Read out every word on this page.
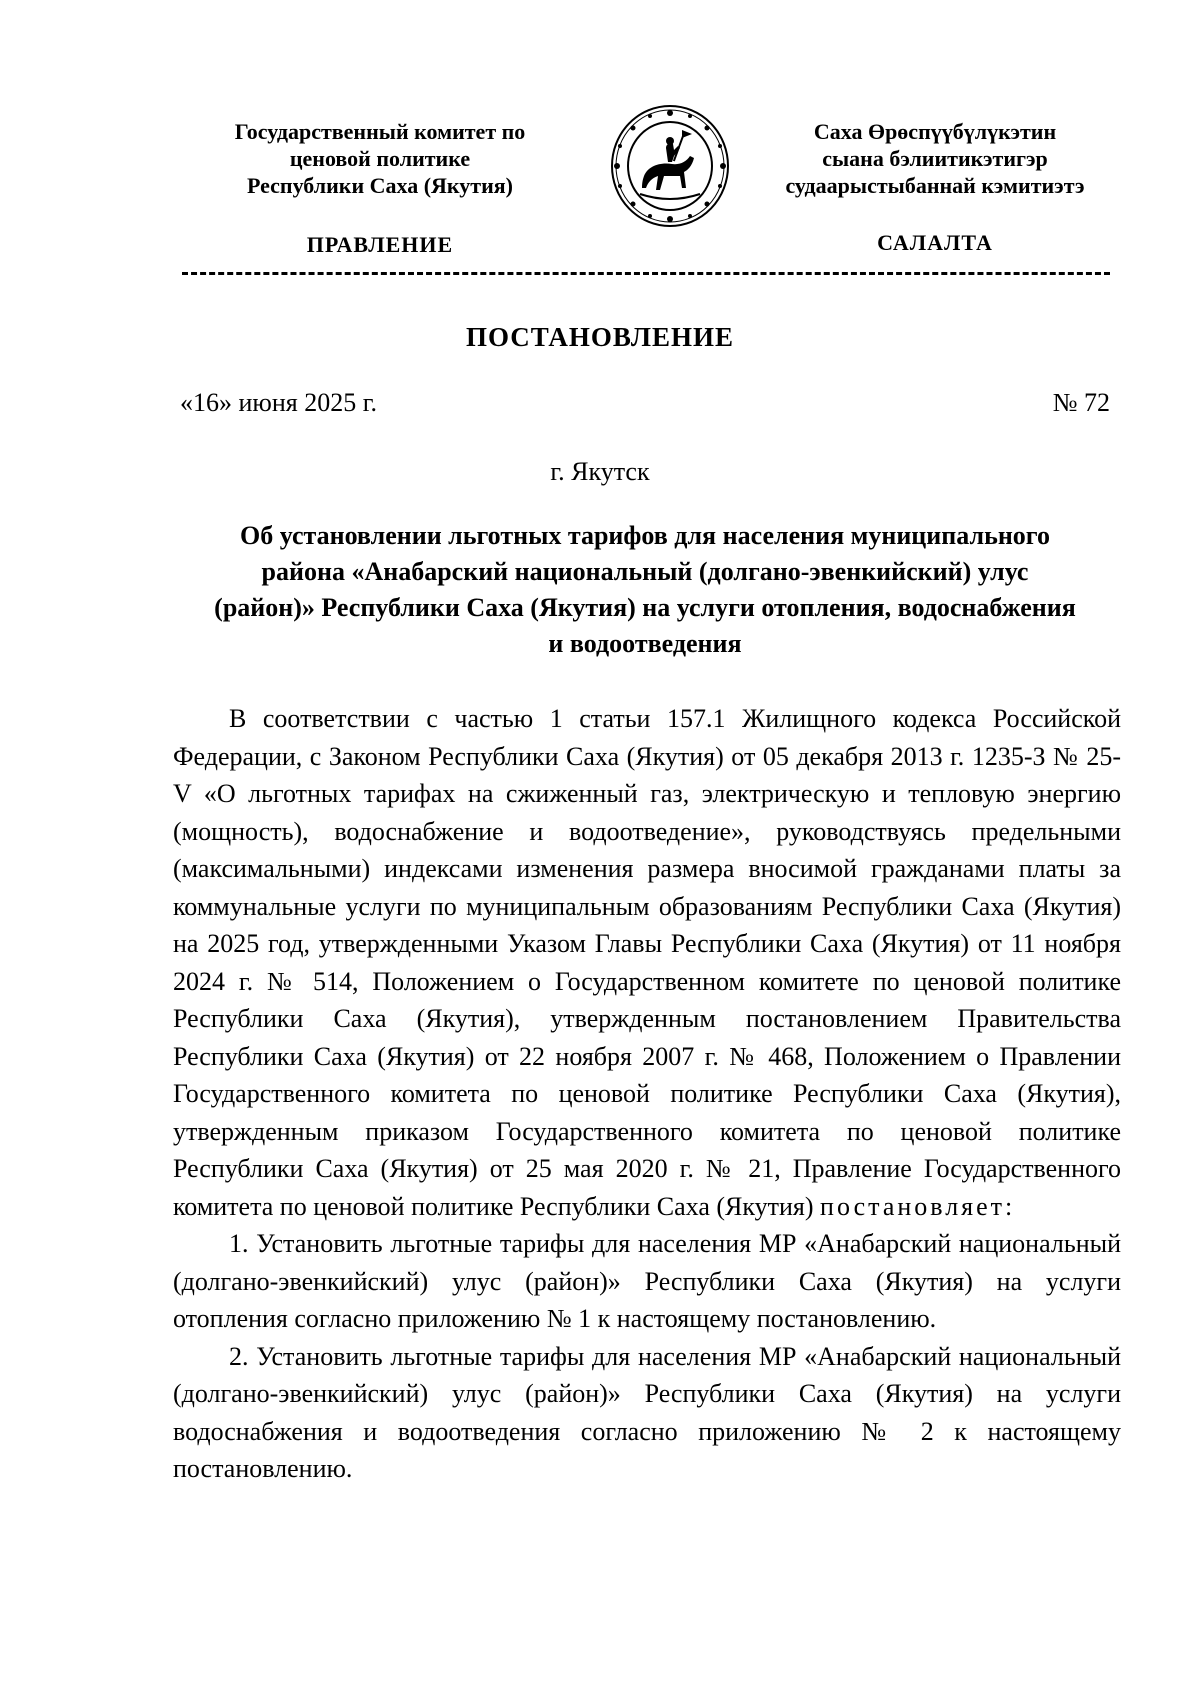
Государственный комитет по
ценовой политике
Республики Саха (Якутия)
Саха Өрөспүүбүлүкэтин
сыана бэлиитикэтигэр
судаарыстыбаннай кэмитиэтэ
ПРАВЛЕНИЕ	САЛАЛТА
ПОСТАНОВЛЕНИЕ
«16» июня 2025 г.	№ 72
г. Якутск
Об установлении льготных тарифов для населения муниципального
района «Анабарский национальный (долгано-эвенкийский) улус
(район)» Республики Саха (Якутия) на услуги отопления, водоснабжения
и водоотведения

В соответствии с частью 1 статьи 157.1 Жилищного кодекса Российской Федерации, с Законом Республики Саха (Якутия) от 05 декабря 2013 г. 1235-З № 25-V «О льготных тарифах на сжиженный газ, электрическую и тепловую энергию (мощность), водоснабжение и водоотведение», руководствуясь предельными (максимальными) индексами изменения размера вносимой гражданами платы за коммунальные услуги по муниципальным образованиям Республики Саха (Якутия) на 2025 год, утвержденными Указом Главы Республики Саха (Якутия) от 11 ноября 2024 г. № 514, Положением о Государственном комитете по ценовой политике Республики Саха (Якутия), утвержденным постановлением Правительства Республики Саха (Якутия) от 22 ноября 2007 г. № 468, Положением о Правлении Государственного комитета по ценовой политике Республики Саха (Якутия), утвержденным приказом Государственного комитета по ценовой политике Республики Саха (Якутия) от 25 мая 2020 г. № 21, Правление Государственного комитета по ценовой политике Республики Саха (Якутия) постановляет:

1. Установить льготные тарифы для населения МР «Анабарский национальный (долгано-эвенкийский) улус (район)» Республики Саха (Якутия) на услуги отопления согласно приложению № 1 к настоящему постановлению.

2. Установить льготные тарифы для населения МР «Анабарский национальный (долгано-эвенкийский) улус (район)» Республики Саха (Якутия) на услуги водоснабжения и водоотведения согласно приложению № 2 к настоящему постановлению.
